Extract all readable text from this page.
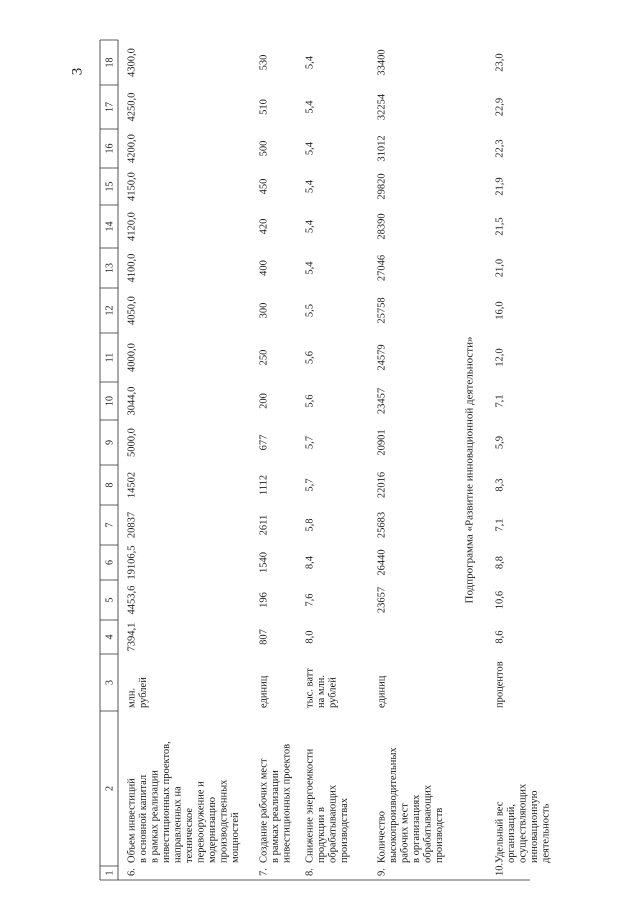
3
1
2
3
4
5
6
7
8
9
10
11
12
13
14
15
16
17
18
6.
Объем инвестиций в основной капитал в рамках реализации инвестиционных проектов, направленных на техническое перевооружение и модернизацию производственных мощностей
млн. рублей
7394,1
4453,6
19106,5
20837
14502
5000,0
3044,0
4000,0
4050,0
4100,0
4120,0
4150,0
4200,0
4250,0
4300,0
7.
Создание рабочих мест в рамках реализации инвестиционных проектов
единиц
807
196
1540
2611
1112
677
200
250
300
400
420
450
500
510
530
8.
Снижение энергоемкости продукции в обрабатывающих производствах
тыс. ватт на млн. рублей
8,0
7,6
8,4
5,8
5,7
5,7
5,6
5,6
5,5
5,4
5,4
5,4
5,4
5,4
5,4
9.
Количество высокопроизводительных рабочих мест в организациях обрабатывающих производств
единиц
23657
26440
25683
22016
20901
23457
24579
25758
27046
28390
29820
31012
32254
33400
10.
Удельный вес организаций, осуществляющих инновационную деятельность
процентов
8,6
10,6
8,8
7,1
8,3
5,9
7,1
12,0
16,0
21,0
21,5
21,9
22,3
22,9
23,0
Подпрограмма «Развитие инновационной деятельности»
